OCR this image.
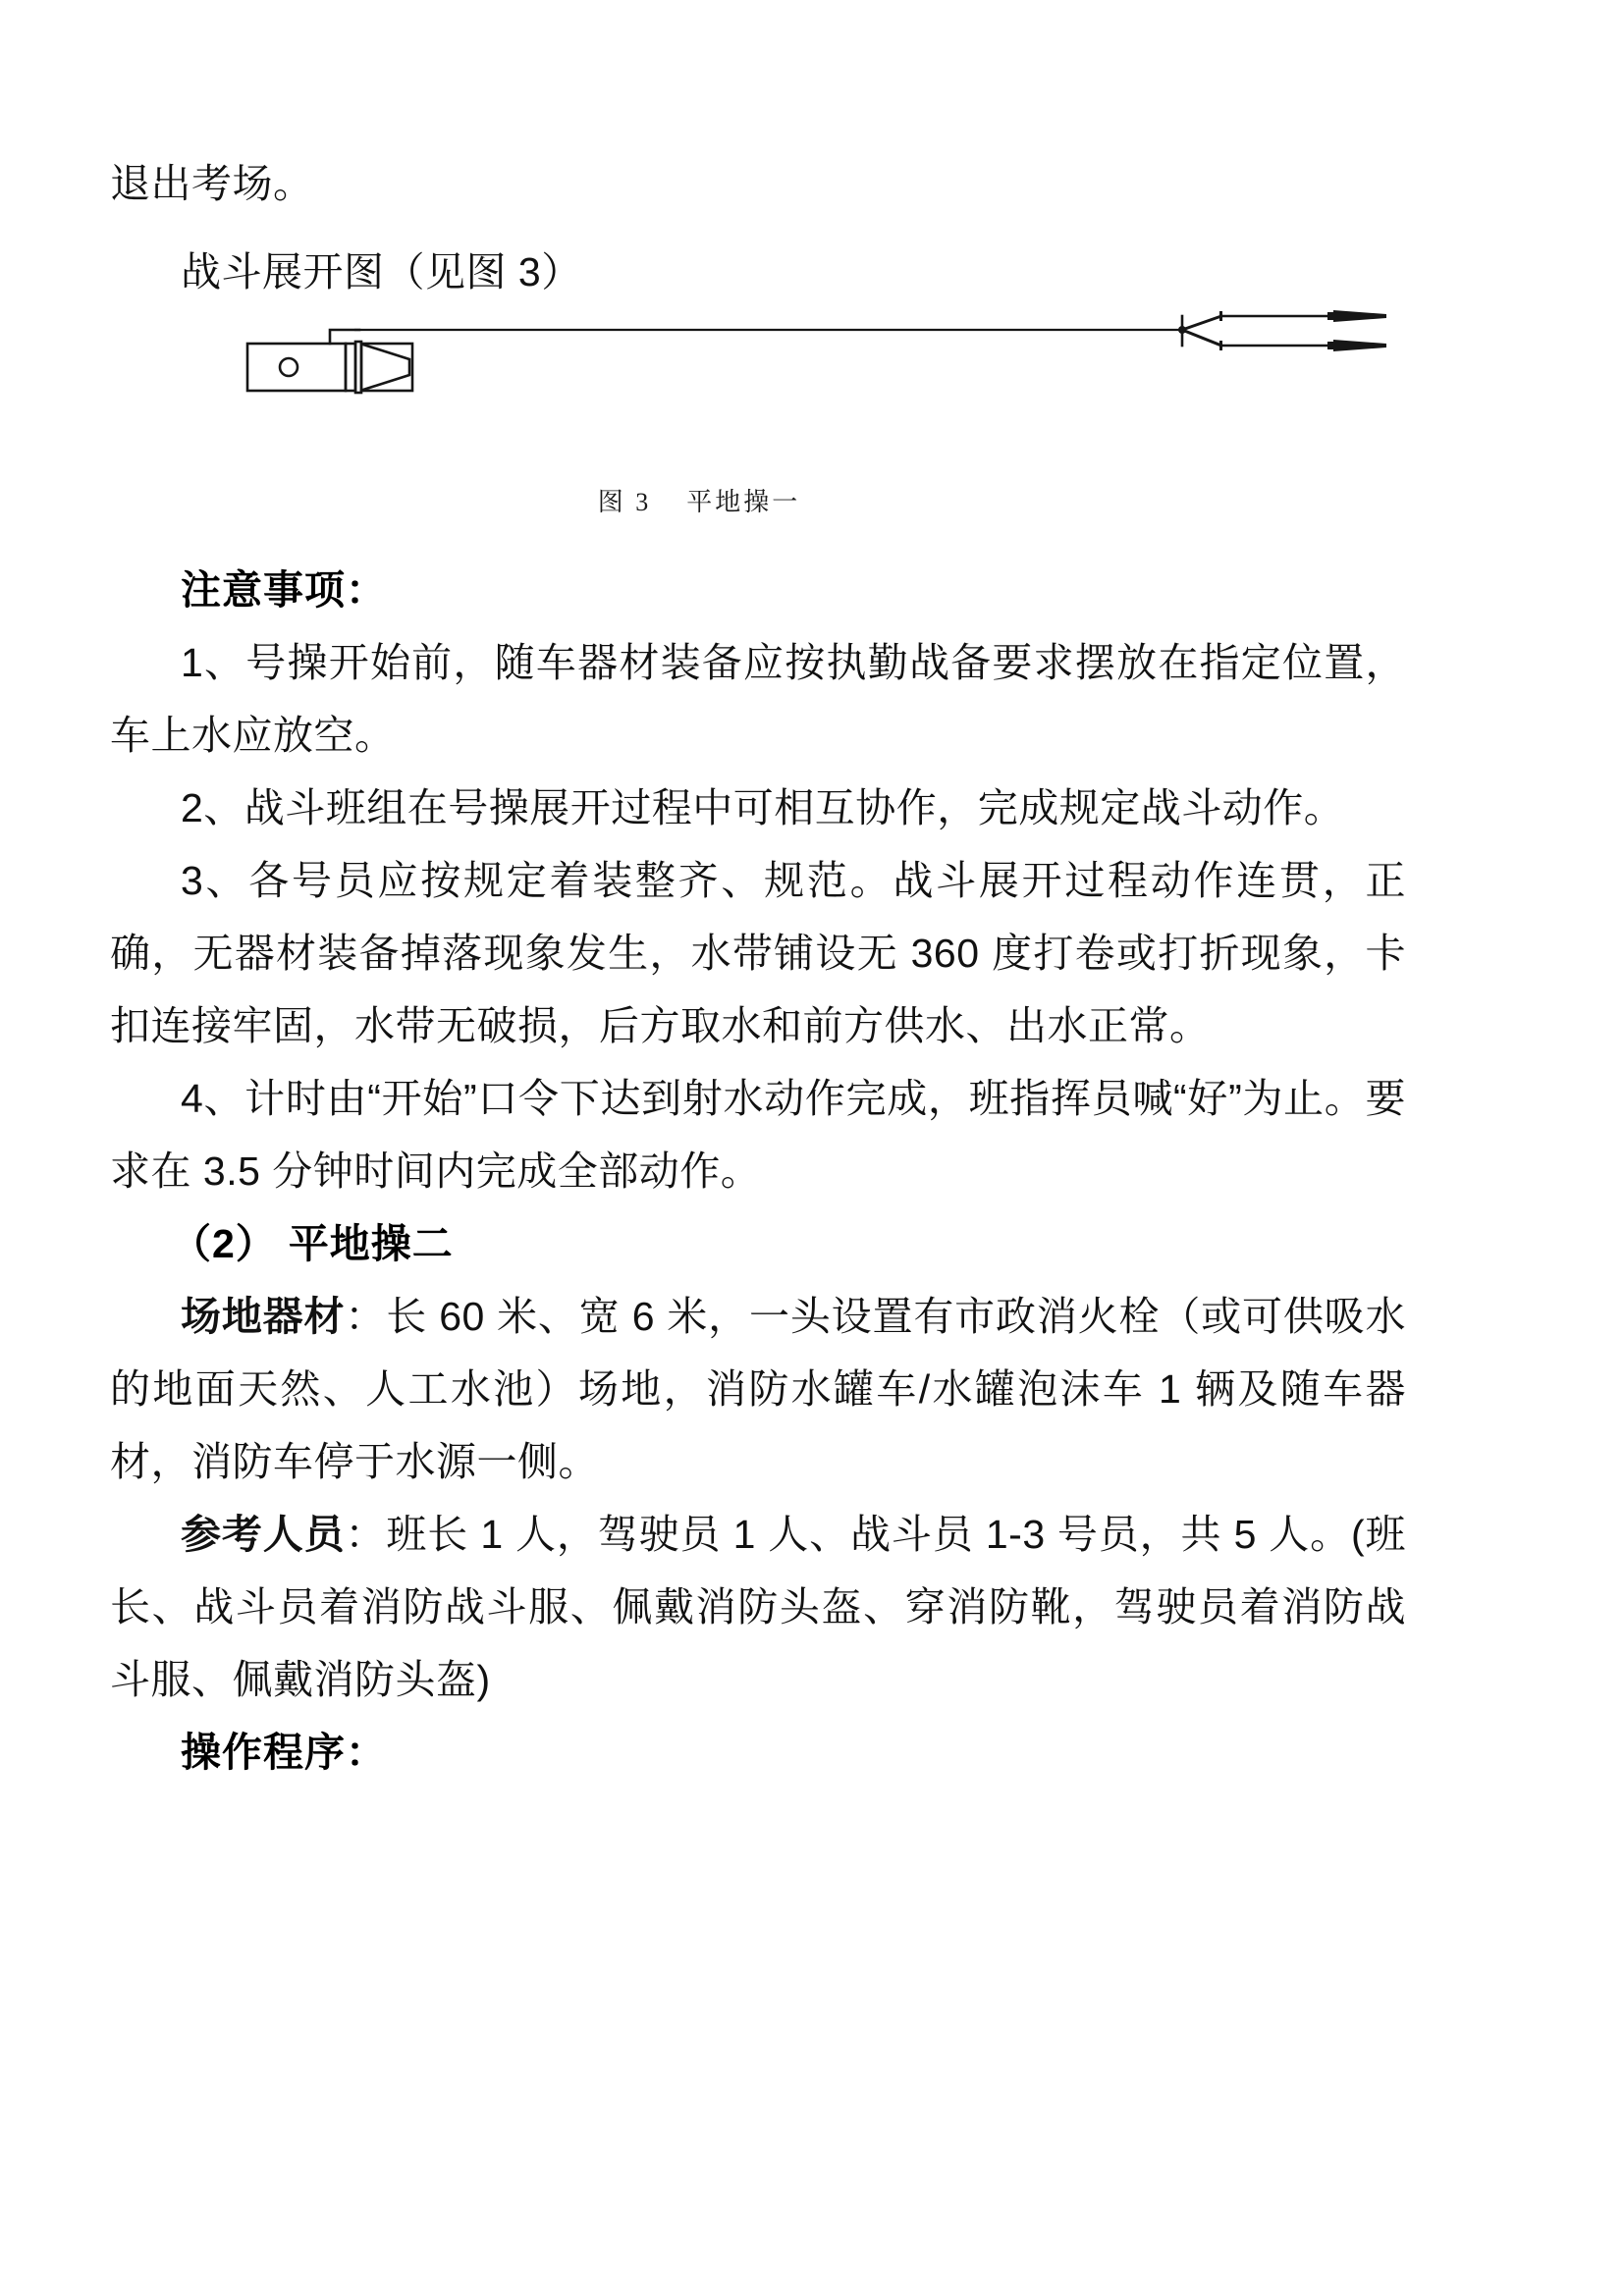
退出考场。

战斗展开图（见图 3）

图 3 平地操一

注意事项：

1、号操开始前，随车器材装备应按执勤战备要求摆放在指定位置，车上水应放空。

2、战斗班组在号操展开过程中可相互协作，完成规定战斗动作。

3、各号员应按规定着装整齐、规范。战斗展开过程动作连贯，正确，无器材装备掉落现象发生，水带铺设无 360 度打卷或打折现象，卡扣连接牢固，水带无破损，后方取水和前方供水、出水正常。

4、计时由“开始”口令下达到射水动作完成，班指挥员喊“好”为止。要求在 3.5 分钟时间内完成全部动作。

（2） 平地操二

场地器材：长 60 米、宽 6 米，一头设置有市政消火栓（或可供吸水的地面天然、人工水池）场地，消防水罐车/水罐泡沫车 1 辆及随车器材，消防车停于水源一侧。

参考人员：班长 1 人，驾驶员 1 人、战斗员 1-3 号员，共 5 人。(班长、战斗员着消防战斗服、佩戴消防头盔、穿消防靴，驾驶员着消防战斗服、佩戴消防头盔)

操作程序：
